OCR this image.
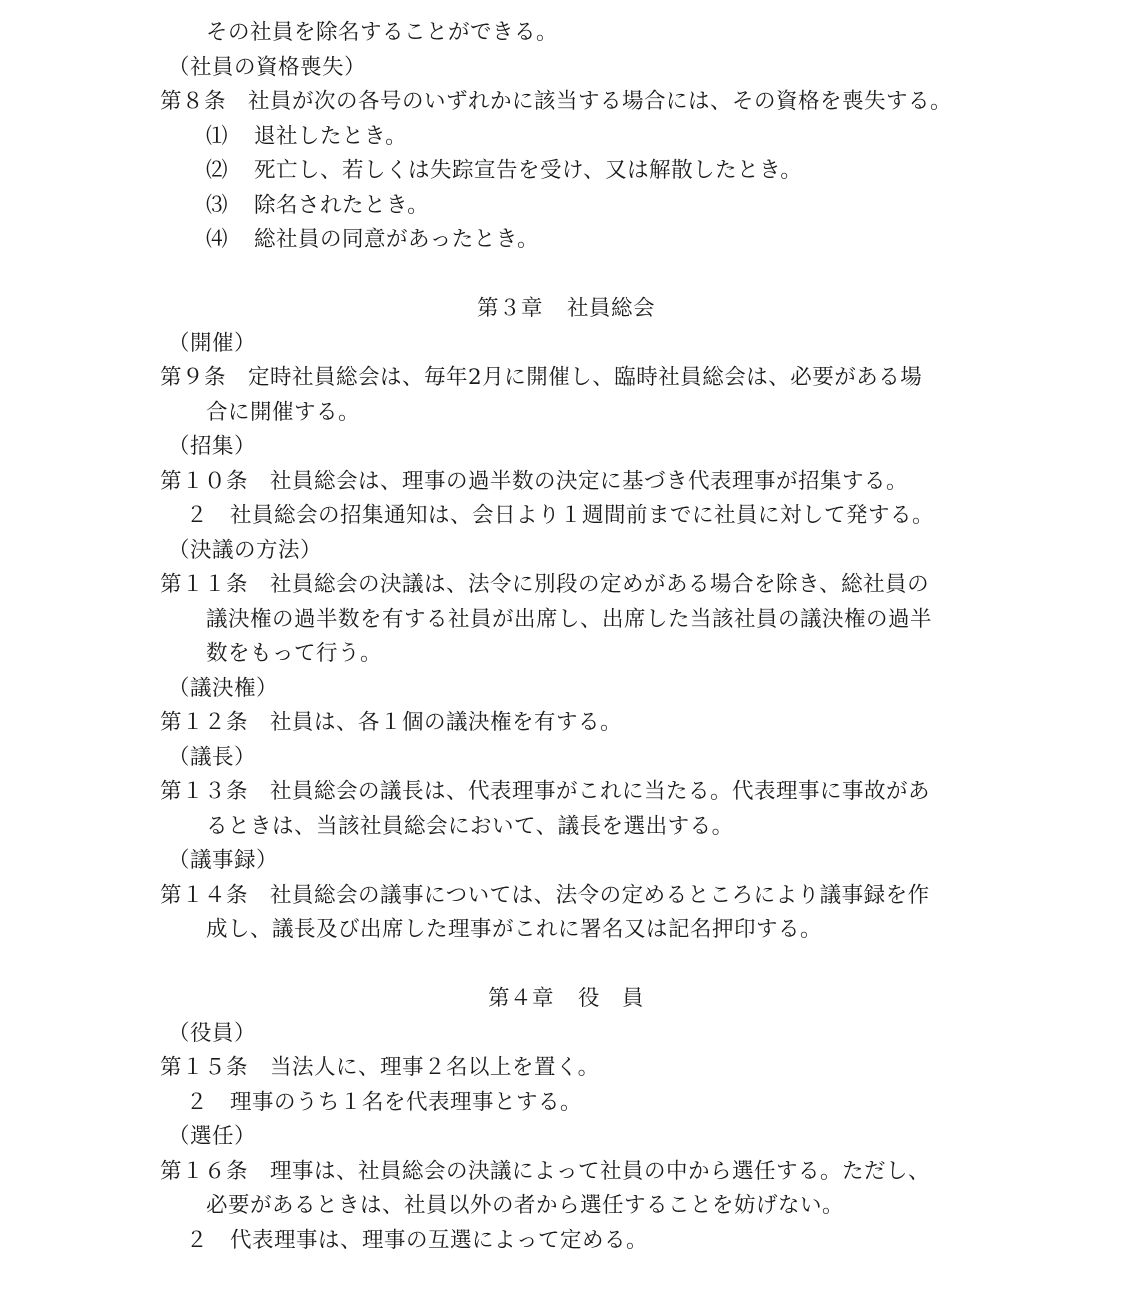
その社員を除名することができる。
（社員の資格喪失）
第８条 社員が次の各号のいずれかに該当する場合には、その資格を喪失する。
⑴ 退社したとき。
⑵ 死亡し、若しくは失踪宣告を受け、又は解散したとき。
⑶ 除名されたとき。
⑷ 総社員の同意があったとき。
第３章 社員総会
（開催）
第９条 定時社員総会は、毎年2月に開催し、臨時社員総会は、必要がある場
合に開催する。
（招集）
第１０条 社員総会は、理事の過半数の決定に基づき代表理事が招集する。
２ 社員総会の招集通知は、会日より１週間前までに社員に対して発する。
（決議の方法）
第１１条 社員総会の決議は、法令に別段の定めがある場合を除き、総社員の
議決権の過半数を有する社員が出席し、出席した当該社員の議決権の過半
数をもって行う。
（議決権）
第１２条 社員は、各１個の議決権を有する。
（議長）
第１３条 社員総会の議長は、代表理事がこれに当たる。代表理事に事故があ
るときは、当該社員総会において、議長を選出する。
（議事録）
第１４条 社員総会の議事については、法令の定めるところにより議事録を作
成し、議長及び出席した理事がこれに署名又は記名押印する。
第４章 役　員
（役員）
第１５条 当法人に、理事２名以上を置く。
２ 理事のうち１名を代表理事とする。
（選任）
第１６条 理事は、社員総会の決議によって社員の中から選任する。ただし、
必要があるときは、社員以外の者から選任することを妨げない。
２ 代表理事は、理事の互選によって定める。
